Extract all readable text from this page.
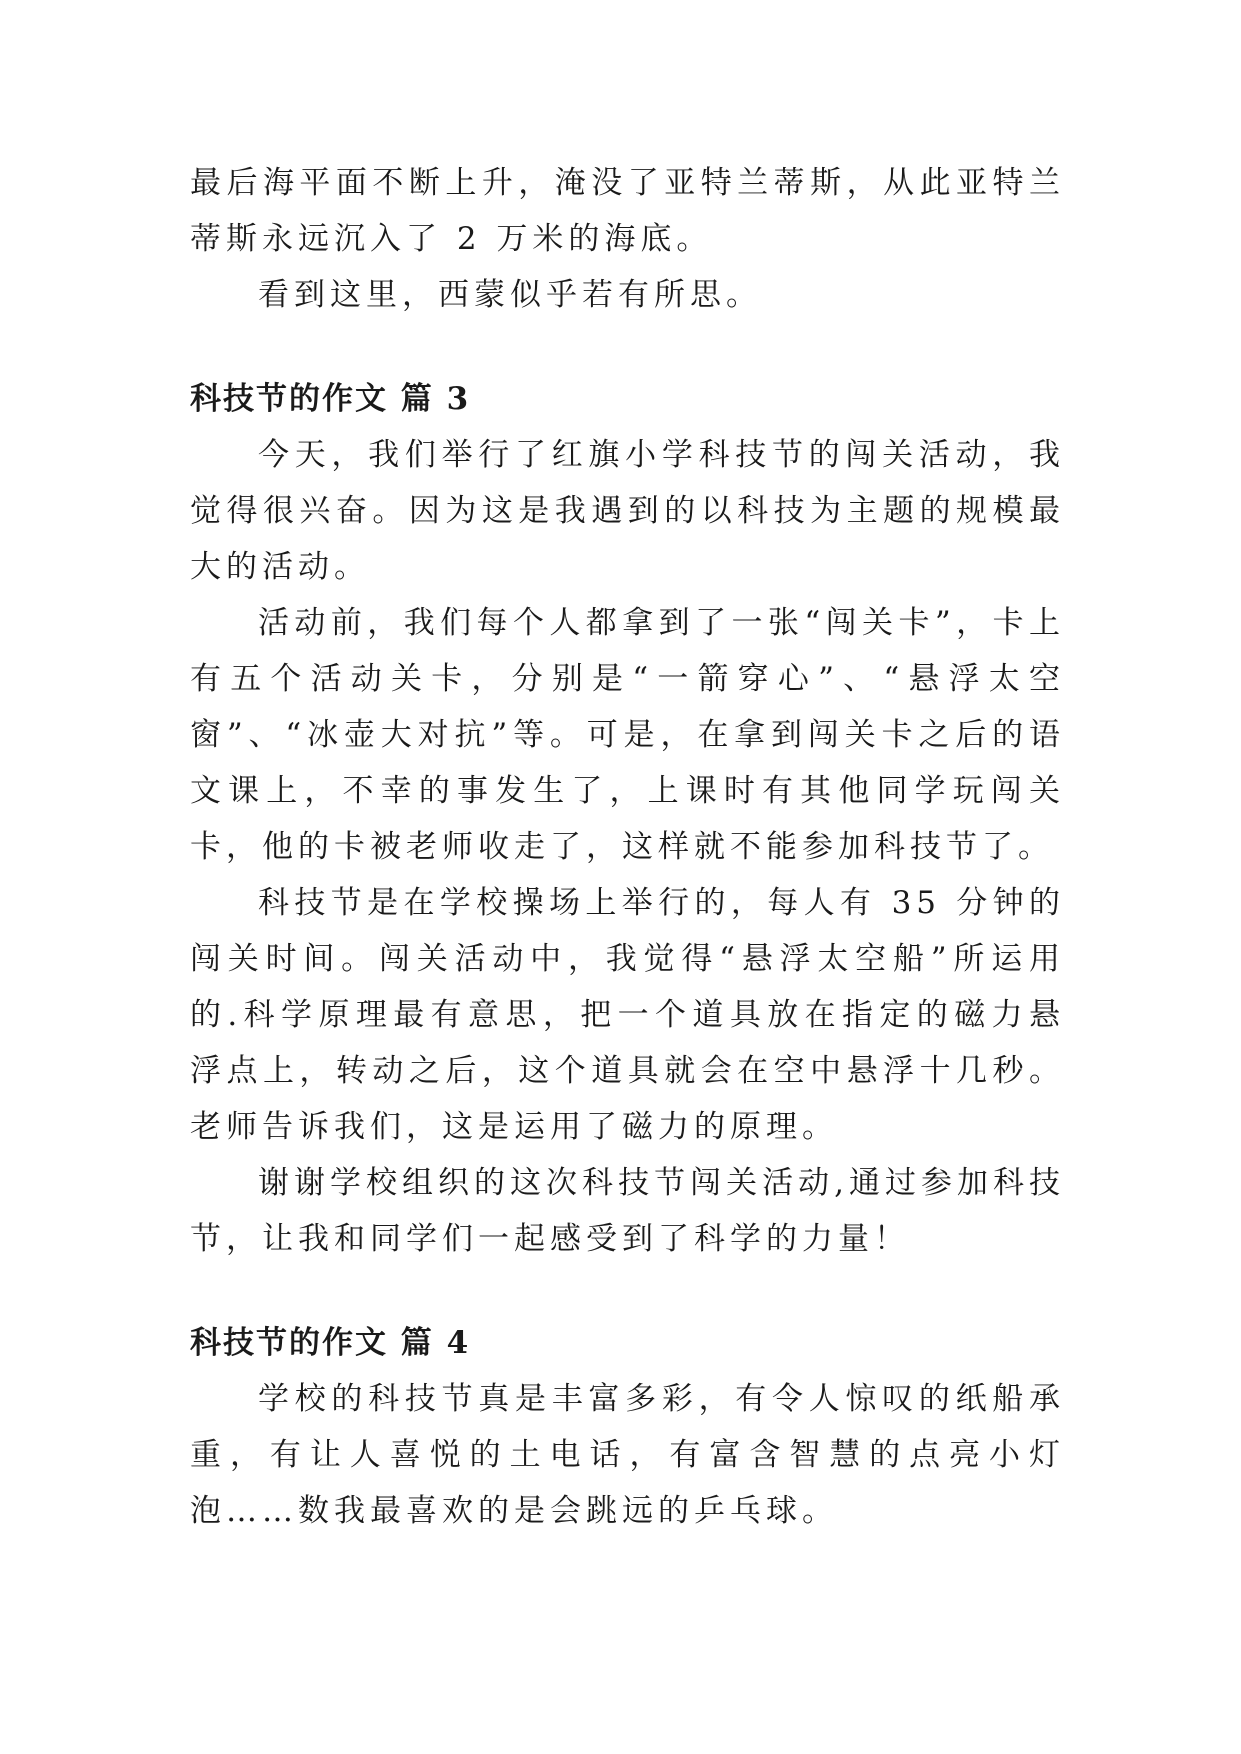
最后海平面不断上升，淹没了亚特兰蒂斯，从此亚特兰蒂斯永远沉入了 2 万米的海底。

看到这里，西蒙似乎若有所思。

科技节的作文 篇 3

今天，我们举行了红旗小学科技节的闯关活动，我觉得很兴奋。因为这是我遇到的以科技为主题的规模最大的活动。

活动前，我们每个人都拿到了一张“闯关卡”，卡上有五个活动关卡，分别是“一箭穿心”、“悬浮太空窗”、“冰壶大对抗”等。可是，在拿到闯关卡之后的语文课上，不幸的事发生了，上课时有其他同学玩闯关卡，他的卡被老师收走了，这样就不能参加科技节了。

科技节是在学校操场上举行的，每人有 35 分钟的闯关时间。闯关活动中，我觉得“悬浮太空船”所运用的.科学原理最有意思，把一个道具放在指定的磁力悬浮点上，转动之后，这个道具就会在空中悬浮十几秒。老师告诉我们，这是运用了磁力的原理。

谢谢学校组织的这次科技节闯关活动,通过参加科技节，让我和同学们一起感受到了科学的力量！

科技节的作文 篇 4

学校的科技节真是丰富多彩，有令人惊叹的纸船承重，有让人喜悦的土电话，有富含智慧的点亮小灯泡……数我最喜欢的是会跳远的乒乓球。
